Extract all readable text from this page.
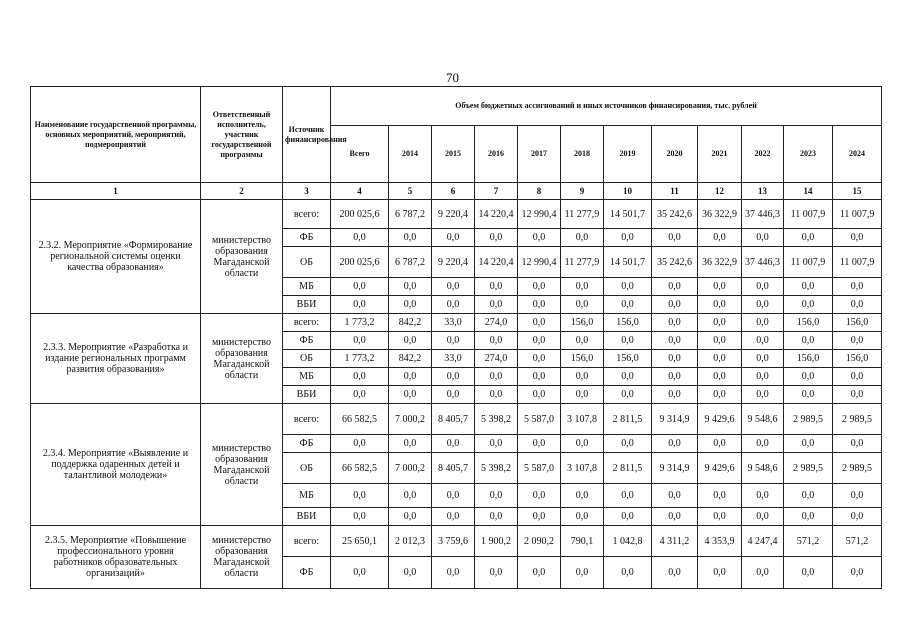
70
Наименование государственной программы, основных мероприятий, мероприятий, подмероприятий	Ответственный исполнитель, участник государственной программы	Источник финансирования	Объем бюджетных ассигнований и иных источников финансирования, тыс. рублей											
			Всего	2014	2015	2016	2017	2018	2019	2020	2021	2022	2023	2024
1	2	3	4	5	6	7	8	9	10	11	12	13	14	15
2.3.2. Мероприятие «Формирование региональной системы оценки качества образования»	министерство образования Магаданской области	всего:	200 025,6	6 787,2	9 220,4	14 220,4	12 990,4	11 277,9	14 501,7	35 242,6	36 322,9	37 446,3	11 007,9	11 007,9
		ФБ	0,0	0,0	0,0	0,0	0,0	0,0	0,0	0,0	0,0	0,0	0,0	0,0
		ОБ	200 025,6	6 787,2	9 220,4	14 220,4	12 990,4	11 277,9	14 501,7	35 242,6	36 322,9	37 446,3	11 007,9	11 007,9
		МБ	0,0	0,0	0,0	0,0	0,0	0,0	0,0	0,0	0,0	0,0	0,0	0,0
		ВБИ	0,0	0,0	0,0	0,0	0,0	0,0	0,0	0,0	0,0	0,0	0,0	0,0
2.3.3. Мероприятие «Разработка и издание региональных программ развития образования»	министерство образования Магаданской области	всего:	1 773,2	842,2	33,0	274,0	0,0	156,0	156,0	0,0	0,0	0,0	156,0	156,0
		ФБ	0,0	0,0	0,0	0,0	0,0	0,0	0,0	0,0	0,0	0,0	0,0	0,0
		ОБ	1 773,2	842,2	33,0	274,0	0,0	156,0	156,0	0,0	0,0	0,0	156,0	156,0
		МБ	0,0	0,0	0,0	0,0	0,0	0,0	0,0	0,0	0,0	0,0	0,0	0,0
		ВБИ	0,0	0,0	0,0	0,0	0,0	0,0	0,0	0,0	0,0	0,0	0,0	0,0
2.3.4. Мероприятие «Выявление и поддержка одаренных детей и талантливой молодежи»	министерство образования Магаданской области	всего:	66 582,5	7 000,2	8 405,7	5 398,2	5 587,0	3 107,8	2 811,5	9 314,9	9 429,6	9 548,6	2 989,5	2 989,5
		ФБ	0,0	0,0	0,0	0,0	0,0	0,0	0,0	0,0	0,0	0,0	0,0	0,0
		ОБ	66 582,5	7 000,2	8 405,7	5 398,2	5 587,0	3 107,8	2 811,5	9 314,9	9 429,6	9 548,6	2 989,5	2 989,5
		МБ	0,0	0,0	0,0	0,0	0,0	0,0	0,0	0,0	0,0	0,0	0,0	0,0
		ВБИ	0,0	0,0	0,0	0,0	0,0	0,0	0,0	0,0	0,0	0,0	0,0	0,0
2.3.5. Мероприятие «Повышение профессионального уровня работников образовательных организаций»	министерство образования Магаданской области	всего:	25 650,1	2 012,3	3 759,6	1 900,2	2 090,2	790,1	1 042,8	4 311,2	4 353,9	4 247,4	571,2	571,2
		ФБ	0,0	0,0	0,0	0,0	0,0	0,0	0,0	0,0	0,0	0,0	0,0	0,0
